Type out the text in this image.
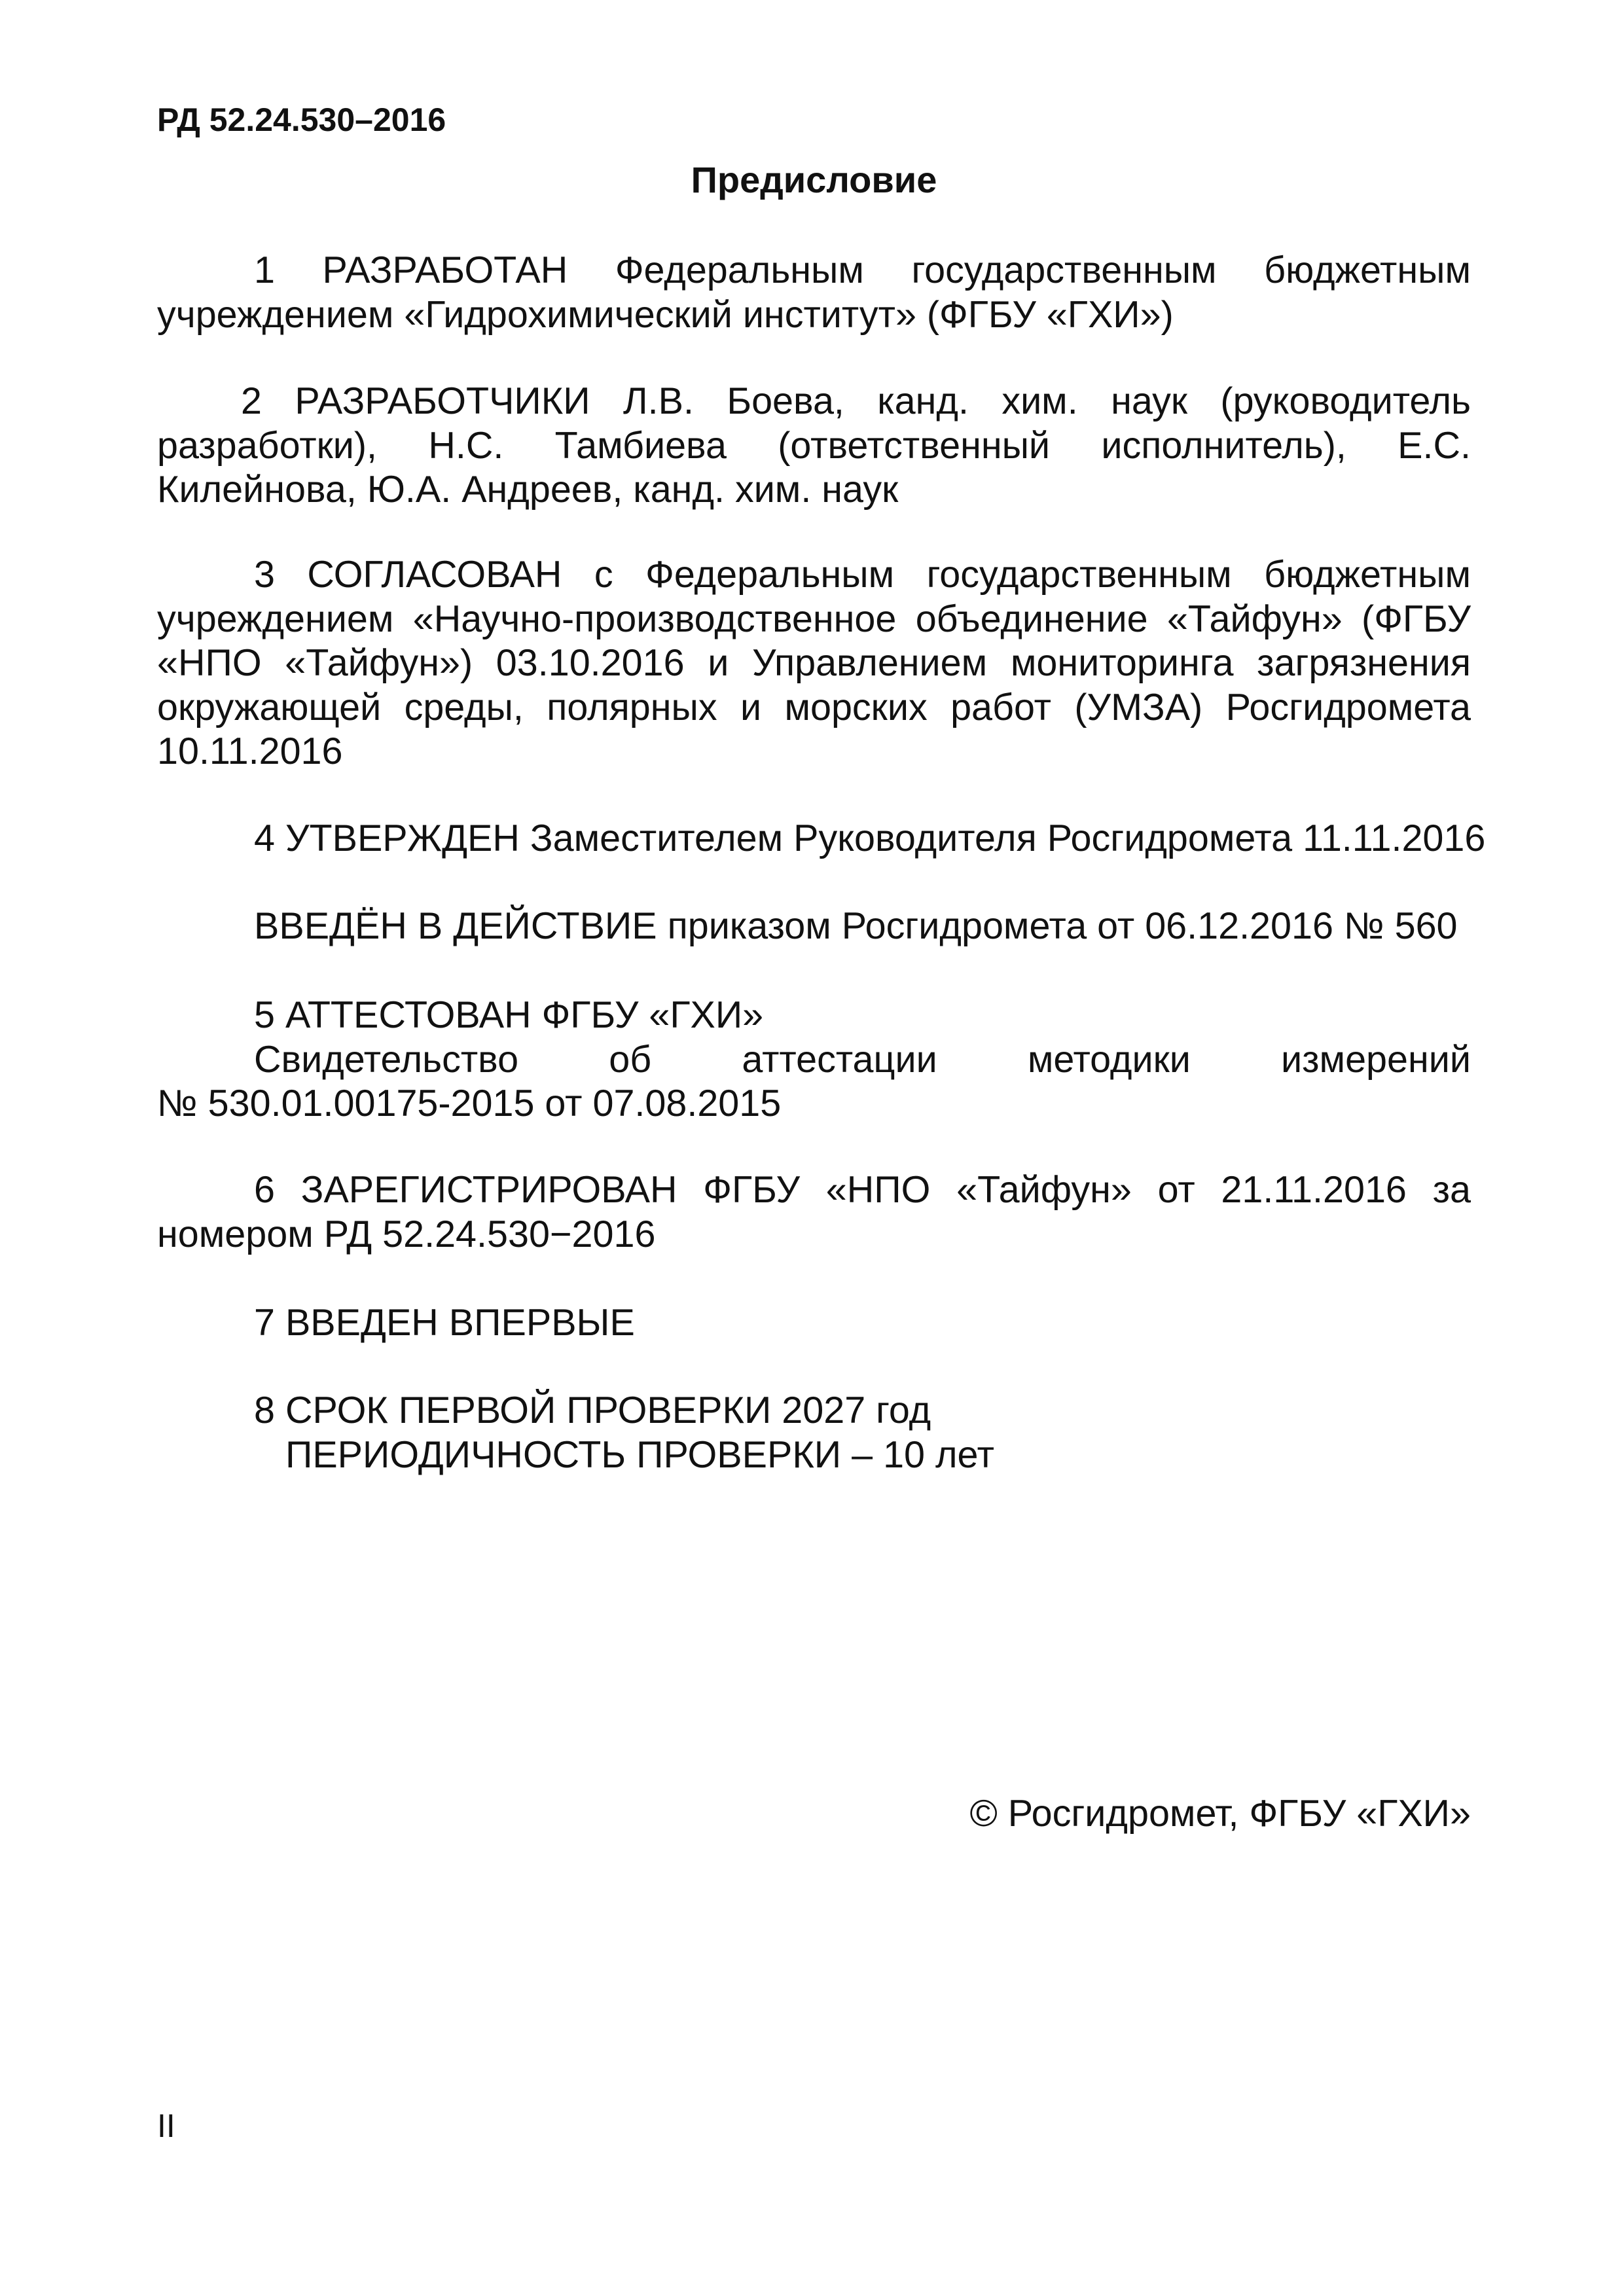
РД 52.24.530–2016
Предисловие

1 РАЗРАБОТАН Федеральным государственным бюджетным учреждением «Гидрохимический институт» (ФГБУ «ГХИ»)

2 РАЗРАБОТЧИКИ Л.В. Боева, канд. хим. наук (руководитель разработки), Н.С. Тамбиева (ответственный исполнитель), Е.С. Килейнова, Ю.А. Андреев, канд. хим. наук

3 СОГЛАСОВАН с Федеральным государственным бюджетным учреждением «Научно-производственное объединение «Тайфун» (ФГБУ «НПО «Тайфун») 03.10.2016 и Управлением мониторинга загрязнения окружающей среды, полярных и морских работ (УМЗА) Росгидромета 10.11.2016

4 УТВЕРЖДЕН Заместителем Руководителя Росгидромета 11.11.2016

ВВЕДЁН В ДЕЙСТВИЕ приказом Росгидромета от 06.12.2016 № 560

5 АТТЕСТОВАН ФГБУ «ГХИ»
Свидетельство об аттестации методики измерений
№ 530.01.00175-2015 от 07.08.2015

6 ЗАРЕГИСТРИРОВАН ФГБУ «НПО «Тайфун» от 21.11.2016 за номером РД 52.24.530−2016

7 ВВЕДЕН ВПЕРВЫЕ

8 СРОК ПЕРВОЙ ПРОВЕРКИ 2027 год
ПЕРИОДИЧНОСТЬ ПРОВЕРКИ – 10 лет
© Росгидромет, ФГБУ «ГХИ»
II
